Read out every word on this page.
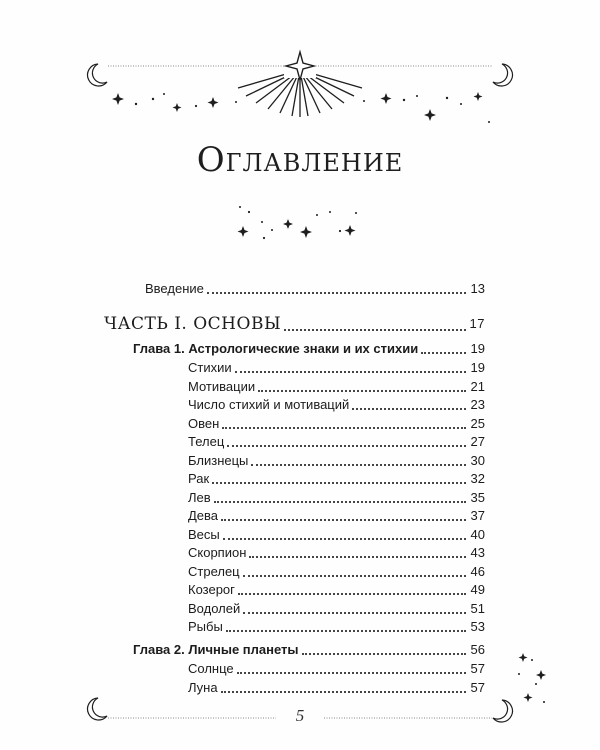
Оглавление
Введение	13
ЧАСТЬ I. ОСНОВЫ	17
Глава 1. Астрологические знаки и их стихии	19
Стихии	19
Мотивации	21
Число стихий и мотиваций	23
Овен	25
Телец	27
Близнецы	30
Рак	32
Лев	35
Дева	37
Весы	40
Скорпион	43
Стрелец	46
Козерог	49
Водолей	51
Рыбы	53
Глава 2. Личные планеты	56
Солнце	57
Луна	57
5
